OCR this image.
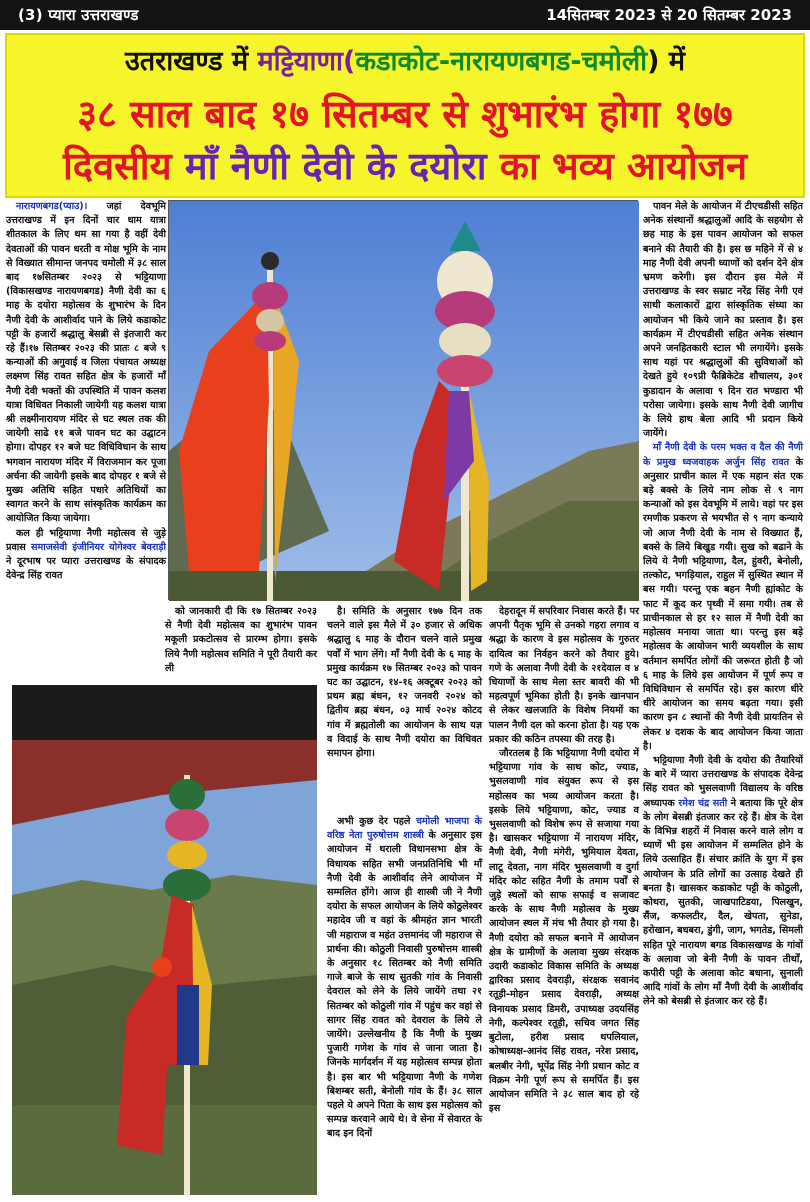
(3) प्यारा उत्तराखण्ड	14सितम्बर 2023 से 20 सितम्बर 2023
उतराखण्ड में मट्टियाणा(कडाकोट-नारायणबगड-चमोली) में
३८ साल बाद १७ सितम्बर से शुभारंभ होगा १७७
दिवसीय माँ नैणी देवी के दयोरा का भव्य आयोजन

नारायणबगड(प्याउ)। जहां देवभूमि उत्तराखण्ड में इन दिनों चार धाम यात्रा शीतकाल के लिए थम सा गया है वहीं देवी देवताओं की पावन धरती व मोक्ष भूमि के नाम से विख्यात सीमान्त जनपद चमोली में ३८ साल बाद १७सितम्बर २०२३ से भट्टियाणा (विकासखण्ड नारायणबगड) नैणी देवी का ६ माह के दयोरा महोत्सव के शुभारंभ के दिन नैणी देवी के आशीर्वाद पाने के लिये कडाकोट पट्टी के हजारों श्रद्धालु बेसब्री से इंतजारी कर रहे हैं।१७ सितम्बर २०२३ की प्रातः ८ बजे ९ कन्याओं की अगुवाई व जिला पंचायत अध्यक्ष लक्ष्मण सिंह रावत सहित क्षेत्र के हजारों माँ नैणी देवी भक्तों की उपस्थिति में पावन कलश यात्रा विधिवत निकाली जायेगी यह कलश यात्रा श्री लक्ष्मीनारायण मंदिर से घट स्थल तक की जायेगी साढे ११ बजे पावन घट का उद्घाटन होगा। दोपहर १२ बजे घट विधिविधान के साथ भगवान नारायण मंदिर में विराजमान कर पूजा अर्चना की जायेगी इसके बाद दोपहर १ बजे से मुख्य अतिथि सहित पधारे अतिथियों का स्वागत करने के साथ सांस्कृतिक कार्यक्रम का आयोजित किया जायेगा।

कल ही भट्टियाणा नैणी महोत्सव से जुड़े प्रवास समाजसेवी इंजीनियर योगेश्वर बेवराड़ी ने दूरभाष पर प्यारा उत्तराखण्ड के संपादक देवेन्द्र सिंह रावत

को जानकारी दी कि १७ सितम्बर २०२३ से नैणी देवी महोत्सव का शुभारंभ पावन मकूली प्रकटोत्सव से प्रारम्भ होगा। इसके लिये नैणी महोत्सव समिति ने पूरी तैयारी कर ली

है। समिति के अनुसार १७७ दिन तक चलने वाले इस मैले में ३० हजार से अधिक श्रद्धालु ६ माह के दौरान चलने वाले प्रमुख पर्वों में भाग लेंगे। माँ नैणी देवी के ६ माह के प्रमुख कार्यक्रम १७ सितम्बर २०२३ को पावन घट का उद्घाटन, १४-१६ अक्टूबर २०२३ को प्रथम ब्रह्म बंधन, १२ जनवरी २०२४ को द्वितीय ब्रह्म बंधन, ०३ मार्च २०२४ कोटद गांव में ब्रह्मतोली का आयोजन के साथ यज्ञ व विदाई के साथ नैणी दयोरा का विधिवत समापन होगा।

अभी कुछ देर पहले चमोली भाजपा के वरिष्ठ नेता पुरुषोत्तम शास्त्री के अनुसार इस आयोजन में थराली विधानसभा क्षेत्र के विधायक सहित सभी जनप्रतिनिधि भी माँ नैणी देवी के आशीर्वाद लेने आयोजन में सम्मलित होंगे। आज ही शास्त्री जी ने नैणी दयोरा के सफल आयोजन के लिये कोठुलेश्वर महादेव जी व वहां के श्रीमहंत ज्ञान भारती जी महाराज व महंत उत्तमानंद जी महाराज से प्रार्थना की। कोठुली निवासी पुरुषोत्तम शास्त्री के अनुसार १८ सितम्बर को नैणी समिति गाजे बाजे के साथ सुतकी गांव के निवासी देवराल को लेने के लिये जायेंगे तथा २१ सितम्बर को कोठुली गांव में पहुंच कर वहां से सागर सिंह रावत को देवराल के लिये ले जायेंगे। उल्लेखनीय है कि नैणी के मुख्य पुजारी गणेश के गांव से जाना जाता है। जिनके मार्गदर्शन में यह महोत्सव सम्पन्न होता है। इस बार भी भट्टियाणा नैणी के गणेश बिशम्बर सती, बेनोली गांव के हैं। ३८ साल पहले ये अपने पिता के साथ इस महोत्सव को सम्पन्न करवाने आये थे। वे सेना में सेवारत के बाद इन दिनों

देहरादून में सपरिवार निवास करते हैं। पर अपनी पैतृक भूमि से उनको गहरा लगाव व श्रद्धा के कारण वे इस महोत्सव के गुरुतर दायित्व का निर्वहन करने को तैयार हुये। गणे के अलावा नैणी देवी के २१देवाल व ४ धियाणों के साथ मेला स्तर बावरी की भी महत्वपूर्ण भूमिका होती है। इनके खानपान से लेकर खलजाति के विशेष नियमों का पालन नैणी दल को करना होता है। यह एक प्रकार की कठिन तपस्या की तरह है।

जौरतलब है कि भट्टियाणा नैणी दयोरा में भट्टियाणा गांव के साथ कोट, ज्याड, भुसलवाणी गांव संयुक्त रूप से इस महोत्सव का भव्य आयोजन करता है। इसके लिये भट्टियाणा, कोट, ज्याड व भुसलवाणी को विशेष रूप से सजाया गया है। खासकर भट्टियाणा में नारायण मंदिर, नैणी देवी, नैणी मंगेरी, भुमियाल देवता, लाटू देवता, नाग मंदिर भुसलवाणी व दुर्गा मंदिर कोट सहित नैणी के तमाम पर्वों से जुड़े स्थलों को साफ सफाई व सजावट करके के साथ नैणी महोत्सव के मुख्य आयोजन स्थल में मंच भी तैयार हो गया है। नैणी दयोरा को सफल बनाने में आयोजन क्षेत्र के ग्रामीणों के अलावा मुख्य संरक्षक उदारी कडाकोट विकास समिति के अध्यक्ष द्वारिका प्रसाद देवराड़ी, संरक्षक सवानंद रतूड़ी-मोहन प्रसाद देवराड़ी, अध्यक्ष विनायक प्रसाद डिमरी, उपाध्यक्ष उदयसिंह नेगी, कल्पेश्वर रतूड़ी, सचिव जगत सिंह बुटोला, हरीश प्रसाद थपलियाल, कोषाध्यक्ष-आनंद सिंह रावत, नरेश प्रसाद, बलबीर नेगी, भूपेंद्र सिंह नेगी प्रधान कोट व विक्रम नेगी पूर्ण रूप से समर्पित हैं। इस आयोजन समिति ने ३८ साल बाद हो रहे इस

पावन मेले के आयोजन में टीएचडीसी सहित अनेक संस्थानों श्रद्धालुओं आदि के सहयोग से छह माह के इस पावन आयोजन को सफल बनाने की तैयारी की है। इस छ महिने में से ४ माह नैणी देवी अपनी ध्याणों को दर्शन देने क्षेत्र भ्रमण करेगी। इस दौरान इस मेले में उत्तराखण्ड के स्वर सम्राट नरेंद्र सिंह नेगी एवं साथी कलाकारों द्वारा सांस्कृतिक संध्या का आयोजन भी किये जाने का प्रस्ताव है। इस कार्यक्रम में टीएचडीसी सहित अनेक संस्थान अपने जनहितकारी स्टाल भी लगायेंगे। इसके साथ यहां पर श्रद्धालुओं की सुविधाओं को देखते हुये १०९प्री फैब्रिकेटेड शौचालय, ३०१ कुडादान के अलावा ९ दिन रात भण्डारा भी परोसा जायेगा। इसके साथ नैणी देवी जागीच के लिये हाथ बेला आदि भी प्रदान किये जायेंगे।

माँ नैणी देवी के परम भक्त व दैल की नैणी के प्रमुख ध्वजवाहक अर्जुन सिंह रावत के अनुसार प्राचीन काल में एक महान संत एक बड़े बक्से के लिये नाम लोक से ९ नाग कन्याओं को इस देवभूमि में लाये। वहां पर इस रमणीक प्रकरण से भयभीत से ९ नाग कन्याये जो आज नैणी देवी के नाम से विख्यात हैं, बक्से के लिये बिखुड गयी। सुख को बढाने के लिये ये नैणी भट्टियाणा, दैल, हुंवरी, बेनोली, तल्कोट, भगड़ियाल, राहुल में सुस्थित स्थान में बस गयी। परन्तु एक बहन नैणी ह्यांकोट के फाट में कूद कर पृथ्वी में समा गयी। तब से प्राचीनकाल से हर १२ साल में नैणी देवी का महोत्सव मनाया जाता था। परन्तु इस बड़े महोत्सव के आयोजन भारी व्ययशील के साथ वर्तमान समर्पित लोगों की जरूरत होती है जो ६ माह के लिये इस आयोजन में पूर्ण रूप व विधिविधान से समर्पित रहे। इस कारण धीरे धीरे आयोजन का समय बढ़ता गया। इसी कारण इन ८ स्थानों की नैणी देवी प्रायःतिन से लेकर ४ दशक के बाद आयोजन किया जाता है।

भट्टियाणा नैणी देवी के दयोरा की तैयारियों के बारे में प्यारा उत्तराखण्ड के संपादक देवेन्द्र सिंह रावत को भुसलवाणी विद्यालय के वरिष्ठ अध्यापक रमेश चंद्र सती ने बताया कि पूरे क्षेत्र के लोग बेसब्री इंतजार कर रहे हैं। क्षेत्र के देश के विभिन्न शहरों में निवास करने वाले लोग व ध्याणें भी इस आयोजन में सम्मलित होने के लिये उत्साहित हैं। संचार क्रांति के युग में इस आयोजन के प्रति लोगों का उत्साह देखते ही बनता है। खासकर कडाकोट पट्टी के कोठुली, कोथरा, सुतकी, जाखपाटिडया, पिलखुन, सैंज, कफलटीर, दैल, खेपता, सुनेडा, हरोखान, बधबरा, डुंगी, जाग, भगतेड, सिमली सहित पूरे नारायण बगड विकासखण्ड के गांवों के अलावा जो बेनी नैणी के पावन तीर्थों, कपीरी पट्टी के अलावा कोट बधाना, सुनाली आदि गांवों के लोग माँ नैणी देवी के आशीर्वाद लेने को बेसब्री से इंतजार कर रहे हैं।
